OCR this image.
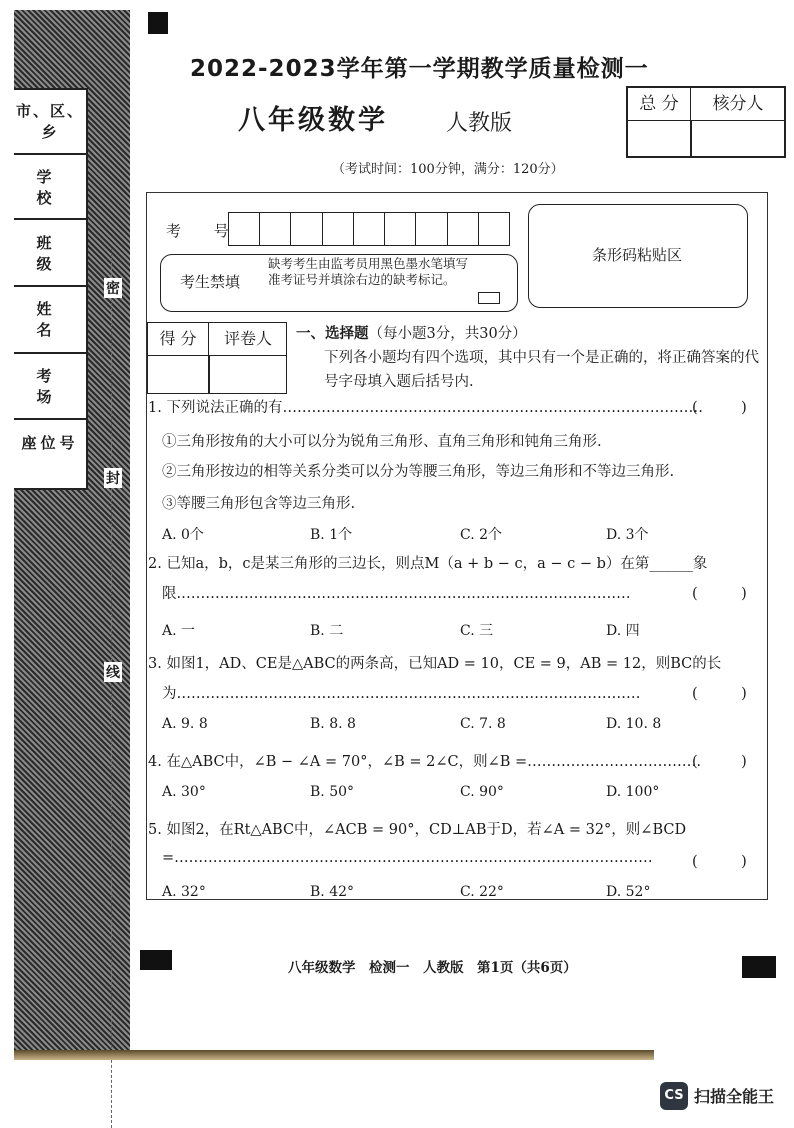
市、区、乡
学　校
班　级
姓　名
考　场
座位号
密
封
线
2022-2023学年第一学期教学质量检测一
八年级数学	人教版
（考试时间：100分钟，满分：120分）
总 分	核分人
考 号
考生禁填
缺考考生由监考员用黑色墨水笔填写准考证号并填涂右边的缺考标记。
条形码粘贴区
得 分	评卷人	一、选择题（每小题3分，共30分）
下列各小题均有四个选项，其中只有一个是正确的，将正确答案的代号字母填入题后括号内.
1. 下列说法正确的有……………………………………………………………………………
(　　　)
①三角形按角的大小可以分为锐角三角形、直角三角形和钝角三角形.
②三角形按边的相等关系分类可以分为等腰三角形，等边三角形和不等边三角形.
③等腰三角形包含等边三角形.
A. 0个	B. 1个	C. 2个	D. 3个
2. 已知a，b，c是某三角形的三边长，则点M（a + b − c，a − c − b）在第______象
限.…………………………………………………………………………………	(　　　)
A. 一	B. 二	C. 三	D. 四
3. 如图1，AD、CE是△ABC的两条高，已知AD = 10，CE = 9，AB = 12，则BC的长
为……………………………………………………………………………………	(　　　)
A. 9. 8	B. 8. 8	C. 7. 8	D. 10. 8
4. 在△ABC中，∠B − ∠A = 70°，∠B = 2∠C，则∠B =………………………………
(　　　)
A. 30°	B. 50°	C. 90°	D. 100°
5. 如图2，在Rt△ABC中，∠ACB = 90°，CD⊥AB于D，若∠A = 32°，则∠BCD
=………………………………………………………………………………………	(　　　)
A. 32°	B. 42°	C. 22°	D. 52°
八年级数学　检测一　人教版　第1页（共6页）
CS 扫描全能王
